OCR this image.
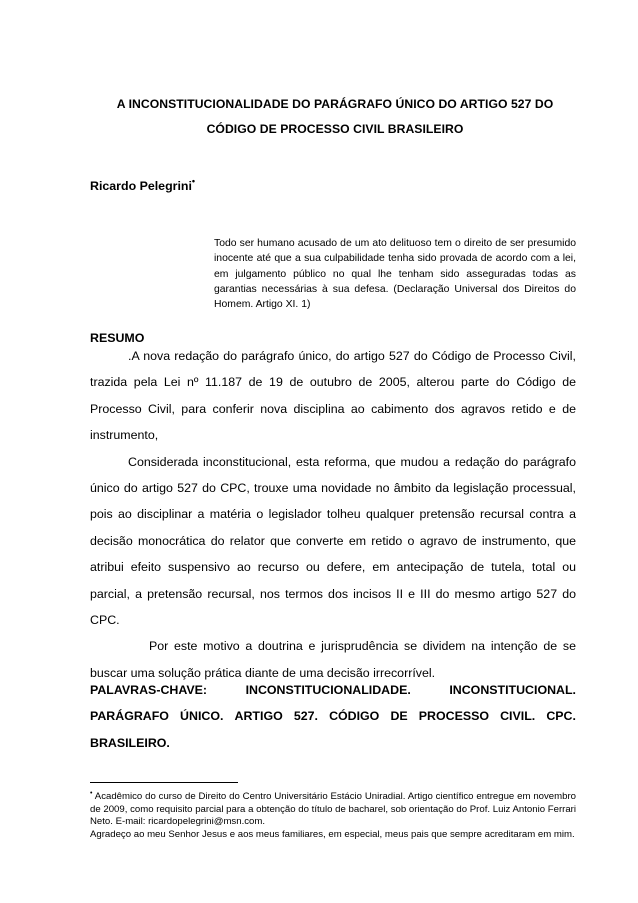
A INCONSTITUCIONALIDADE DO PARÁGRAFO ÚNICO DO ARTIGO 527 DO
CÓDIGO DE PROCESSO CIVIL BRASILEIRO
Ricardo Pelegrini•
Todo ser humano acusado de um ato delituoso tem o direito de ser presumido inocente até que a sua culpabilidade tenha sido provada de acordo com a lei, em julgamento público no qual lhe tenham sido asseguradas todas as garantias necessárias à sua defesa. (Declaração Universal dos Direitos do Homem. Artigo XI. 1)
RESUMO

.A nova redação do parágrafo único, do artigo 527 do Código de Processo Civil, trazida pela Lei nº 11.187 de 19 de outubro de 2005, alterou parte do Código de Processo Civil, para conferir nova disciplina ao cabimento dos agravos retido e de instrumento,

Considerada inconstitucional, esta reforma, que mudou a redação do parágrafo único do artigo 527 do CPC, trouxe uma novidade no âmbito da legislação processual, pois ao disciplinar a matéria o legislador tolheu qualquer pretensão recursal contra a decisão monocrática do relator que converte em retido o agravo de instrumento, que atribui efeito suspensivo ao recurso ou defere, em antecipação de tutela, total ou parcial, a pretensão recursal, nos termos dos incisos II e III do mesmo artigo 527 do CPC.

Por este motivo a doutrina e jurisprudência se dividem na intenção de se buscar uma solução prática diante de uma decisão irrecorrível.

PALAVRAS-CHAVE:	INCONSTITUCIONALIDADE.	INCONSTITUCIONAL.
PARÁGRAFO ÚNICO. ARTIGO 527. CÓDIGO DE PROCESSO CIVIL. CPC.
BRASILEIRO.

• Acadêmico do curso de Direito do Centro Universitário Estácio Uniradial. Artigo científico entregue em novembro de 2009, como requisito parcial para a obtenção do título de bacharel, sob orientação do Prof. Luiz Antonio Ferrari Neto. E-mail: ricardopelegrini@msn.com.

Agradeço ao meu Senhor Jesus e aos meus familiares, em especial, meus pais que sempre acreditaram em mim.
